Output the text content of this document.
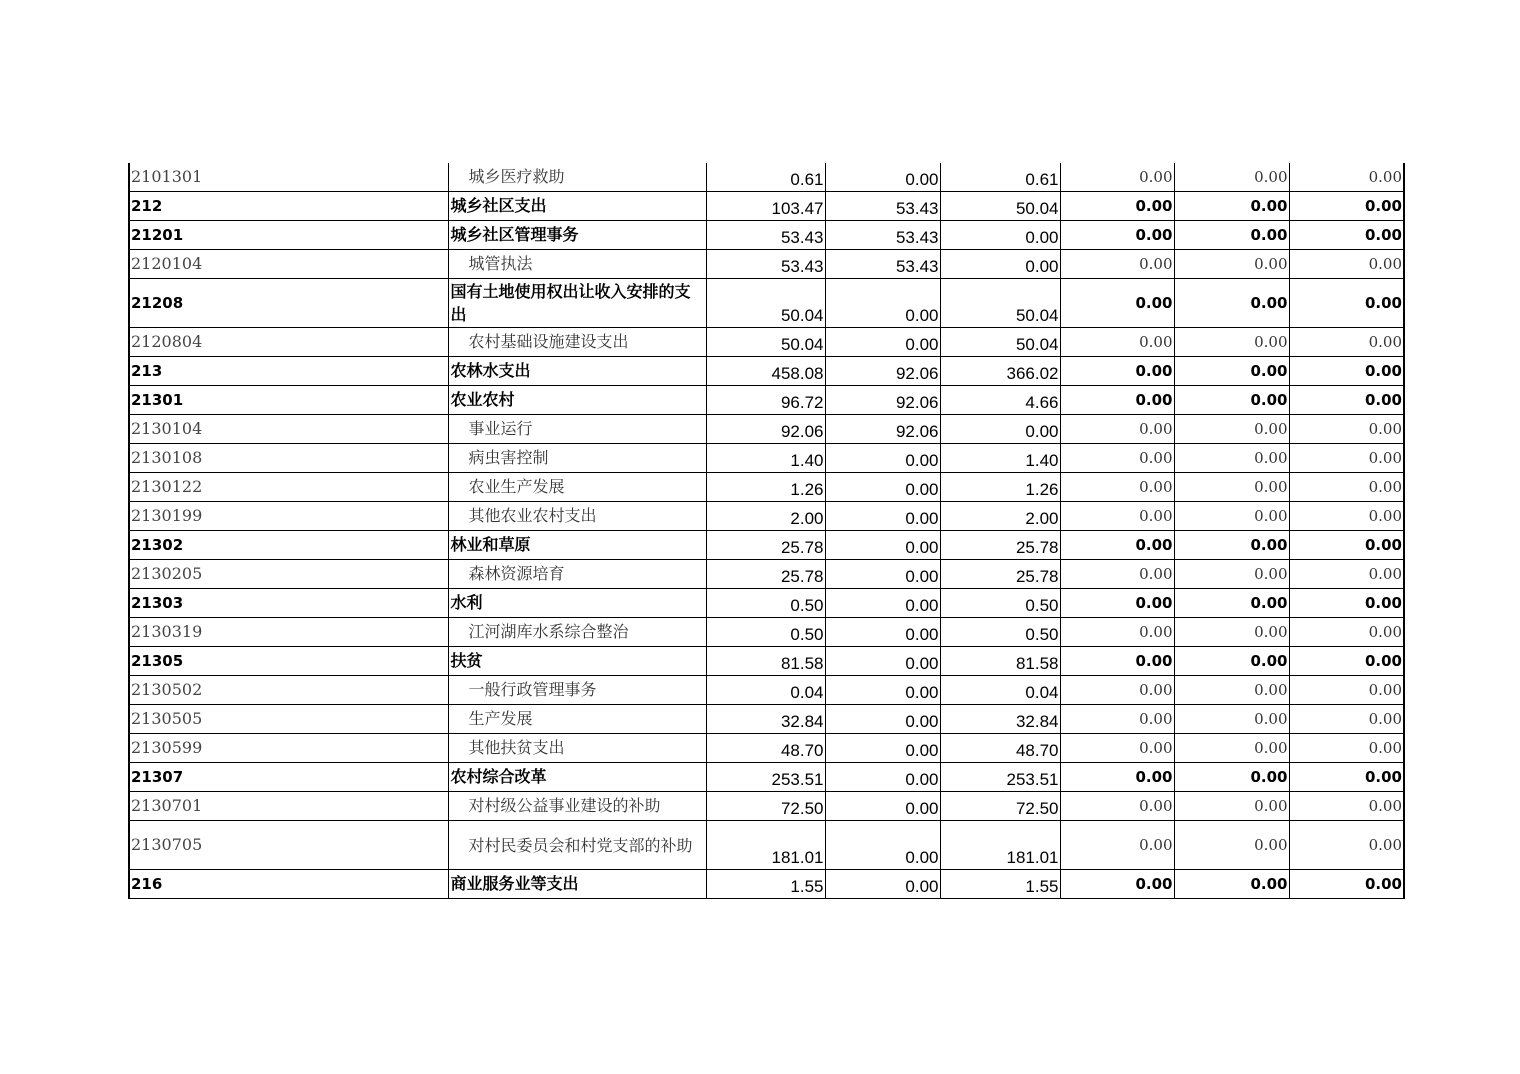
2101301	城乡医疗救助	0.61	0.00	0.61	0.00	0.00	0.00
212	城乡社区支出	103.47	53.43	50.04	0.00	0.00	0.00
21201	城乡社区管理事务	53.43	53.43	0.00	0.00	0.00	0.00
2120104	城管执法	53.43	53.43	0.00	0.00	0.00	0.00
21208	国有土地使用权出让收入安排的支出	50.04	0.00	50.04	0.00	0.00	0.00
2120804	农村基础设施建设支出	50.04	0.00	50.04	0.00	0.00	0.00
213	农林水支出	458.08	92.06	366.02	0.00	0.00	0.00
21301	农业农村	96.72	92.06	4.66	0.00	0.00	0.00
2130104	事业运行	92.06	92.06	0.00	0.00	0.00	0.00
2130108	病虫害控制	1.40	0.00	1.40	0.00	0.00	0.00
2130122	农业生产发展	1.26	0.00	1.26	0.00	0.00	0.00
2130199	其他农业农村支出	2.00	0.00	2.00	0.00	0.00	0.00
21302	林业和草原	25.78	0.00	25.78	0.00	0.00	0.00
2130205	森林资源培育	25.78	0.00	25.78	0.00	0.00	0.00
21303	水利	0.50	0.00	0.50	0.00	0.00	0.00
2130319	江河湖库水系综合整治	0.50	0.00	0.50	0.00	0.00	0.00
21305	扶贫	81.58	0.00	81.58	0.00	0.00	0.00
2130502	一般行政管理事务	0.04	0.00	0.04	0.00	0.00	0.00
2130505	生产发展	32.84	0.00	32.84	0.00	0.00	0.00
2130599	其他扶贫支出	48.70	0.00	48.70	0.00	0.00	0.00
21307	农村综合改革	253.51	0.00	253.51	0.00	0.00	0.00
2130701	对村级公益事业建设的补助	72.50	0.00	72.50	0.00	0.00	0.00
2130705	对村民委员会和村党支部的补助	181.01	0.00	181.01	0.00	0.00	0.00
216	商业服务业等支出	1.55	0.00	1.55	0.00	0.00	0.00
